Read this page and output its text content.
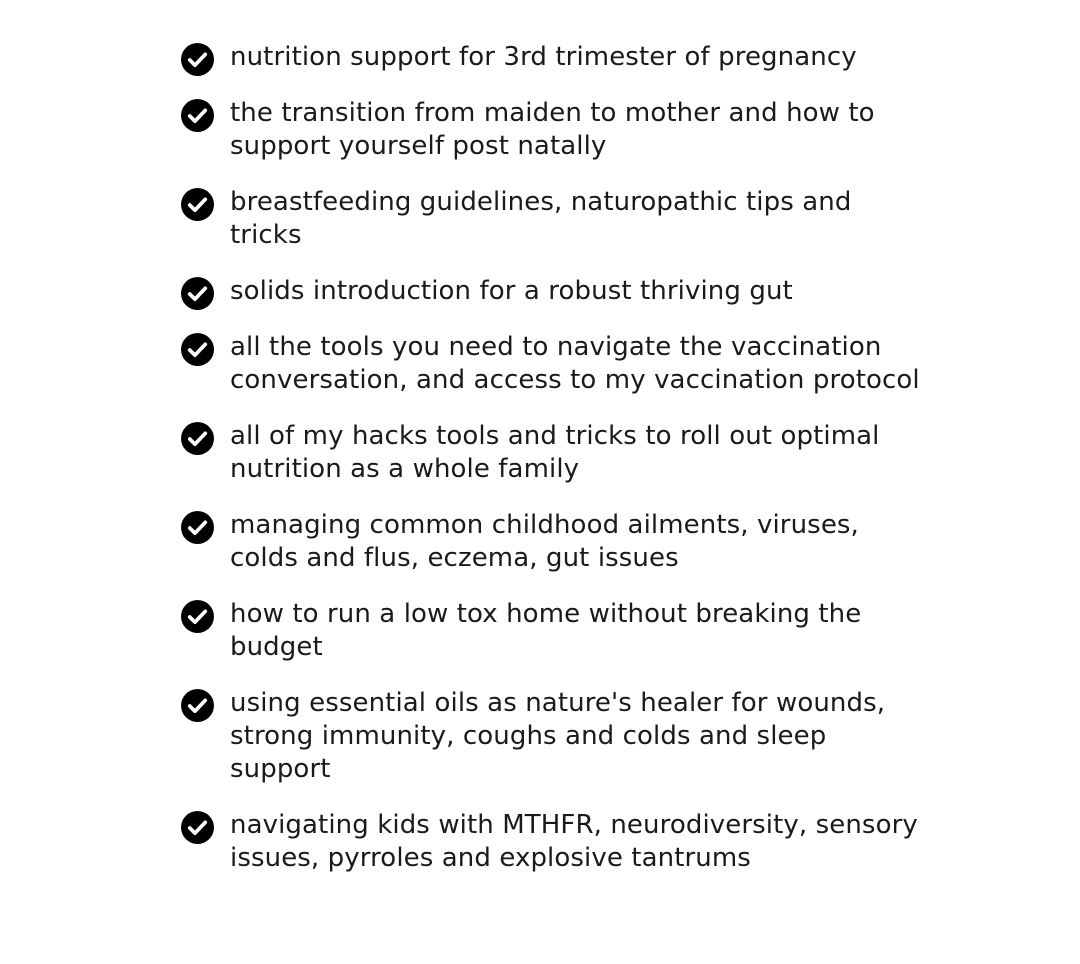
nutrition support for 3rd trimester of pregnancy
the transition from maiden to mother and how to support yourself post natally
breastfeeding guidelines, naturopathic tips and tricks
solids introduction for a robust thriving gut
all the tools you need to navigate the vaccination conversation, and access to my vaccination protocol
all of my hacks tools and tricks to roll out optimal nutrition as a whole family
managing common childhood ailments, viruses, colds and flus, eczema, gut issues
how to run a low tox home without breaking the budget
using essential oils as nature's healer for wounds, strong immunity, coughs and colds and sleep support
navigating kids with MTHFR, neurodiversity, sensory issues, pyrroles and explosive tantrums
